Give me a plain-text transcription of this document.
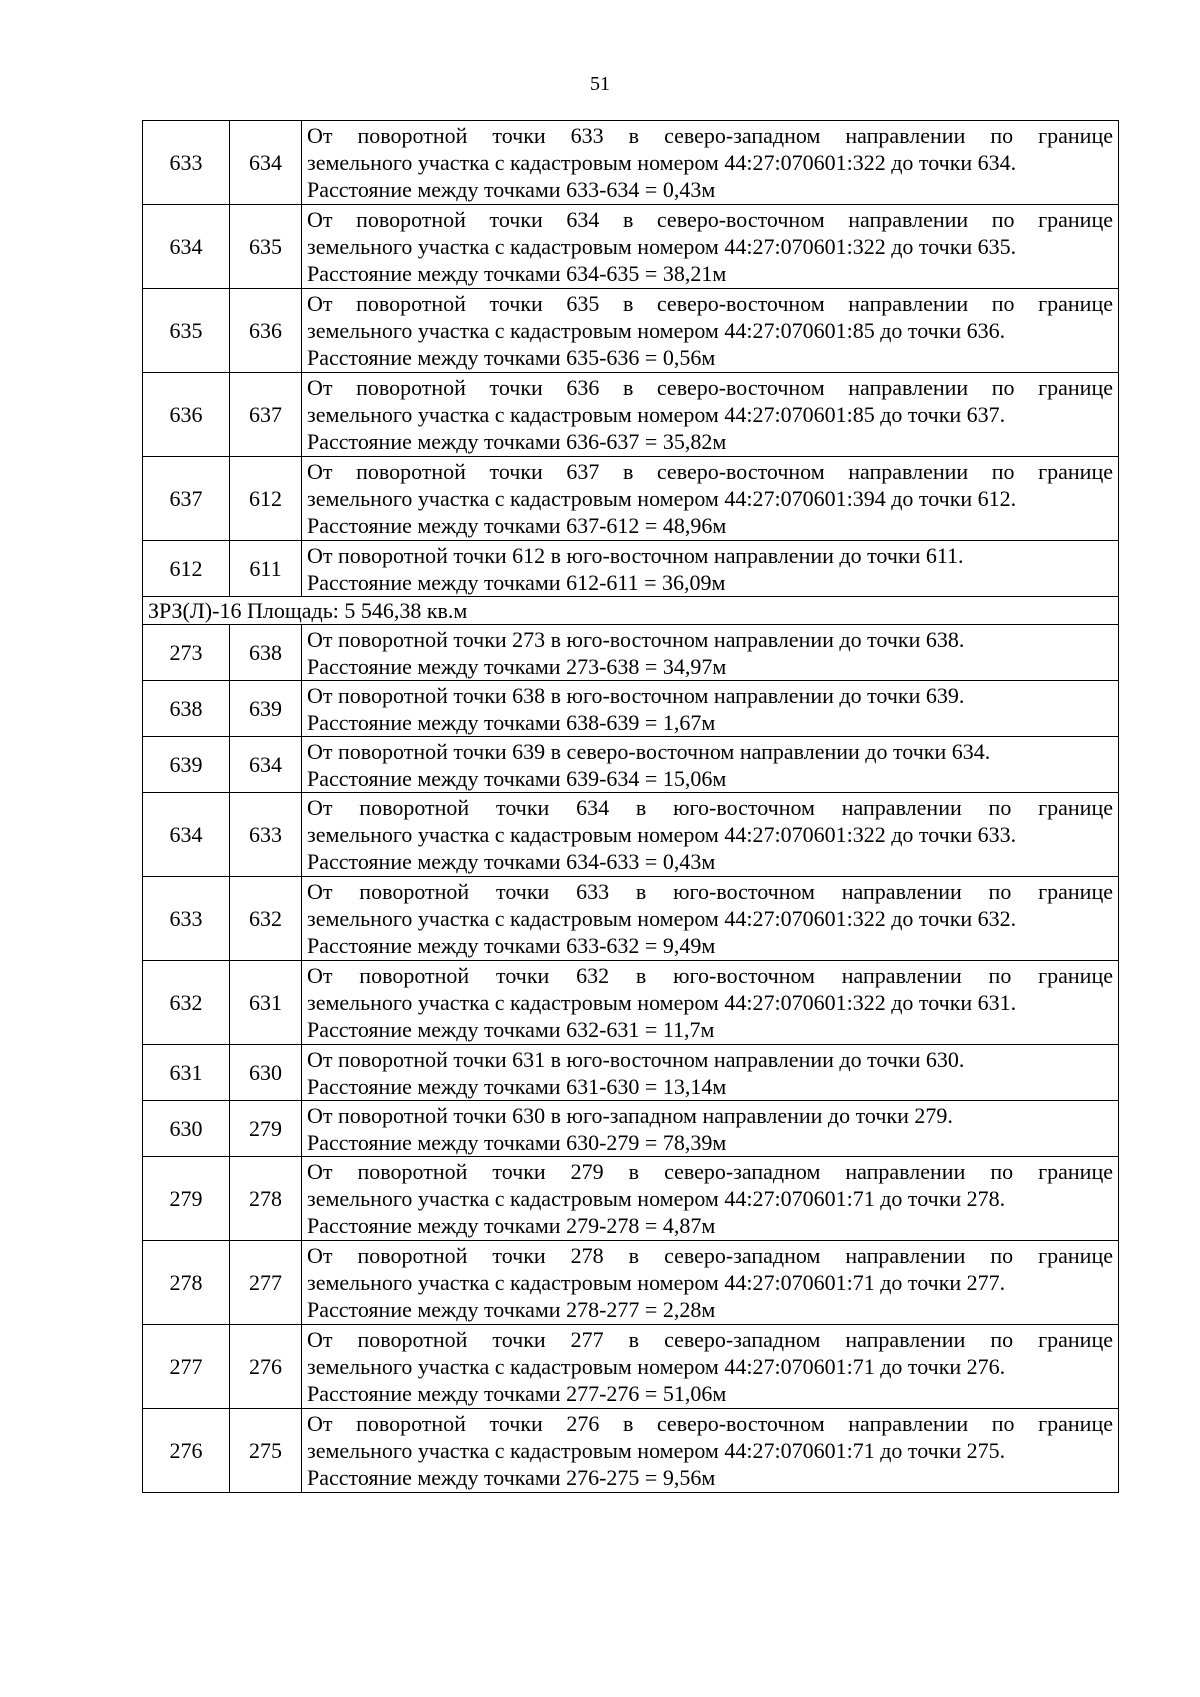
51
633	634	От поворотной точки 633 в северо-западном направлении по границе
земельного участка с кадастровым номером 44:27:070601:322 до точки 634.
Расстояние между точками 633-634 = 0,43м

634	635	От поворотной точки 634 в северо-восточном направлении по границе
земельного участка с кадастровым номером 44:27:070601:322 до точки 635.
Расстояние между точками 634-635 = 38,21м

635	636	От поворотной точки 635 в северо-восточном направлении по границе
земельного участка с кадастровым номером 44:27:070601:85 до точки 636.
Расстояние между точками 635-636 = 0,56м

636	637	От поворотной точки 636 в северо-восточном направлении по границе
земельного участка с кадастровым номером 44:27:070601:85 до точки 637.
Расстояние между точками 636-637 = 35,82м

637	612	От поворотной точки 637 в северо-восточном направлении по границе
земельного участка с кадастровым номером 44:27:070601:394 до точки 612.
Расстояние между точками 637-612 = 48,96м

612	611	От поворотной точки 612 в юго-восточном направлении до точки 611.
Расстояние между точками 612-611 = 36,09м

ЗРЗ(Л)-16 Площадь: 5 546,38 кв.м		
273	638	От поворотной точки 273 в юго-восточном направлении до точки 638.
Расстояние между точками 273-638 = 34,97м

638	639	От поворотной точки 638 в юго-восточном направлении до точки 639.
Расстояние между точками 638-639 = 1,67м

639	634	От поворотной точки 639 в северо-восточном направлении до точки 634.
Расстояние между точками 639-634 = 15,06м

634	633	От поворотной точки 634 в юго-восточном направлении по границе
земельного участка с кадастровым номером 44:27:070601:322 до точки 633.
Расстояние между точками 634-633 = 0,43м

633	632	От поворотной точки 633 в юго-восточном направлении по границе
земельного участка с кадастровым номером 44:27:070601:322 до точки 632.
Расстояние между точками 633-632 = 9,49м

632	631	От поворотной точки 632 в юго-восточном направлении по границе
земельного участка с кадастровым номером 44:27:070601:322 до точки 631.
Расстояние между точками 632-631 = 11,7м

631	630	От поворотной точки 631 в юго-восточном направлении до точки 630.
Расстояние между точками 631-630 = 13,14м

630	279	От поворотной точки 630 в юго-западном направлении до точки 279.
Расстояние между точками 630-279 = 78,39м

279	278	От поворотной точки 279 в северо-западном направлении по границе
земельного участка с кадастровым номером 44:27:070601:71 до точки 278.
Расстояние между точками 279-278 = 4,87м

278	277	От поворотной точки 278 в северо-западном направлении по границе
земельного участка с кадастровым номером 44:27:070601:71 до точки 277.
Расстояние между точками 278-277 = 2,28м

277	276	От поворотной точки 277 в северо-западном направлении по границе
земельного участка с кадастровым номером 44:27:070601:71 до точки 276.
Расстояние между точками 277-276 = 51,06м

276	275	От поворотной точки 276 в северо-восточном направлении по границе
земельного участка с кадастровым номером 44:27:070601:71 до точки 275.
Расстояние между точками 276-275 = 9,56м
